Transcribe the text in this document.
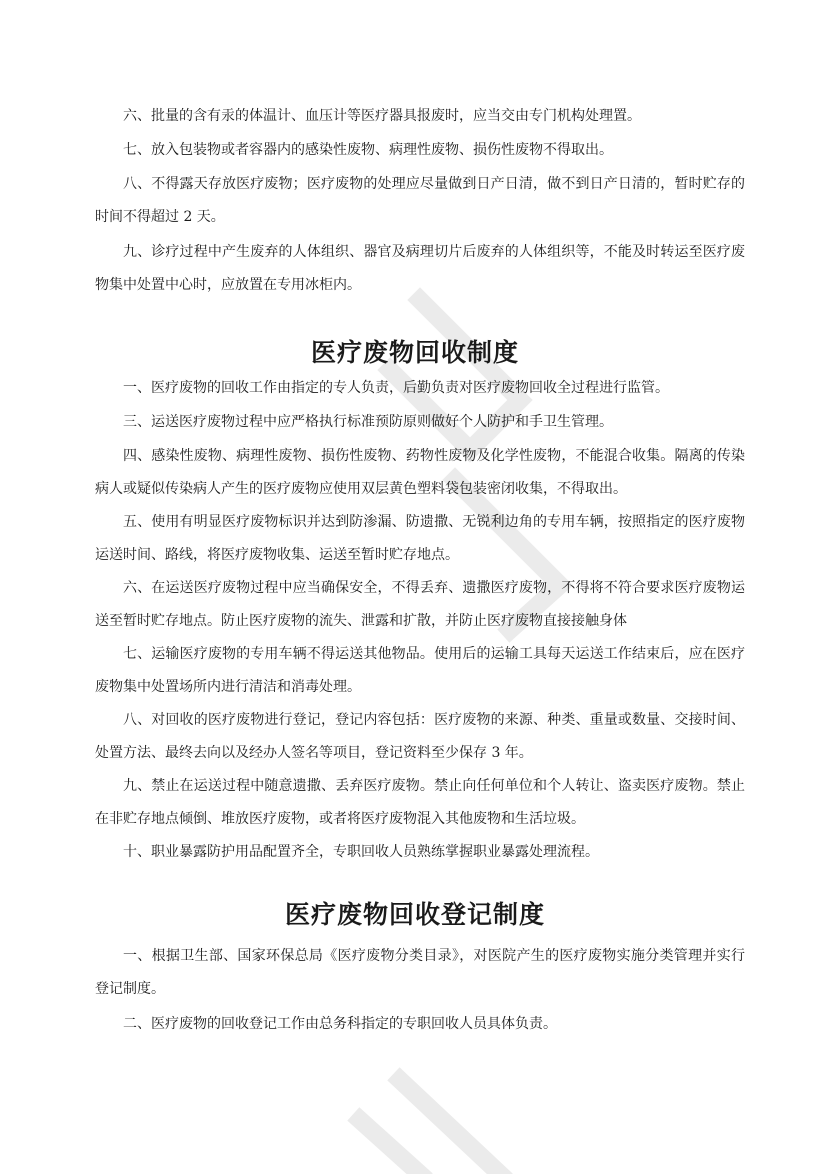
六、批量的含有汞的体温计、血压计等医疗器具报废时，应当交由专门机构处理置。

七、放入包装物或者容器内的感染性废物、病理性废物、损伤性废物不得取出。

八、不得露天存放医疗废物；医疗废物的处理应尽量做到日产日清，做不到日产日清的，暂时贮存的时间不得超过 2 天。

九、诊疗过程中产生废弃的人体组织、器官及病理切片后废弃的人体组织等，不能及时转运至医疗废物集中处置中心时，应放置在专用冰柜内。

医疗废物回收制度

一、医疗废物的回收工作由指定的专人负责，后勤负责对医疗废物回收全过程进行监管。

三、运送医疗废物过程中应严格执行标准预防原则做好个人防护和手卫生管理。

四、感染性废物、病理性废物、损伤性废物、药物性废物及化学性废物，不能混合收集。隔离的传染病人或疑似传染病人产生的医疗废物应使用双层黄色塑料袋包装密闭收集，不得取出。

五、使用有明显医疗废物标识并达到防渗漏、防遗撒、无锐利边角的专用车辆，按照指定的医疗废物运送时间、路线，将医疗废物收集、运送至暂时贮存地点。

六、在运送医疗废物过程中应当确保安全，不得丢弃、遗撒医疗废物，不得将不符合要求医疗废物运送至暂时贮存地点。防止医疗废物的流失、泄露和扩散，并防止医疗废物直接接触身体

七、运输医疗废物的专用车辆不得运送其他物品。使用后的运输工具每天运送工作结束后，应在医疗废物集中处置场所内进行清洁和消毒处理。

八、对回收的医疗废物进行登记，登记内容包括：医疗废物的来源、种类、重量或数量、交接时间、处置方法、最终去向以及经办人签名等项目，登记资料至少保存 3 年。

九、禁止在运送过程中随意遗撒、丢弃医疗废物。禁止向任何单位和个人转让、盗卖医疗废物。禁止在非贮存地点倾倒、堆放医疗废物，或者将医疗废物混入其他废物和生活垃圾。

十、职业暴露防护用品配置齐全，专职回收人员熟练掌握职业暴露处理流程。

医疗废物回收登记制度

一、根据卫生部、国家环保总局《医疗废物分类目录》，对医院产生的医疗废物实施分类管理并实行登记制度。

二、医疗废物的回收登记工作由总务科指定的专职回收人员具体负责。
